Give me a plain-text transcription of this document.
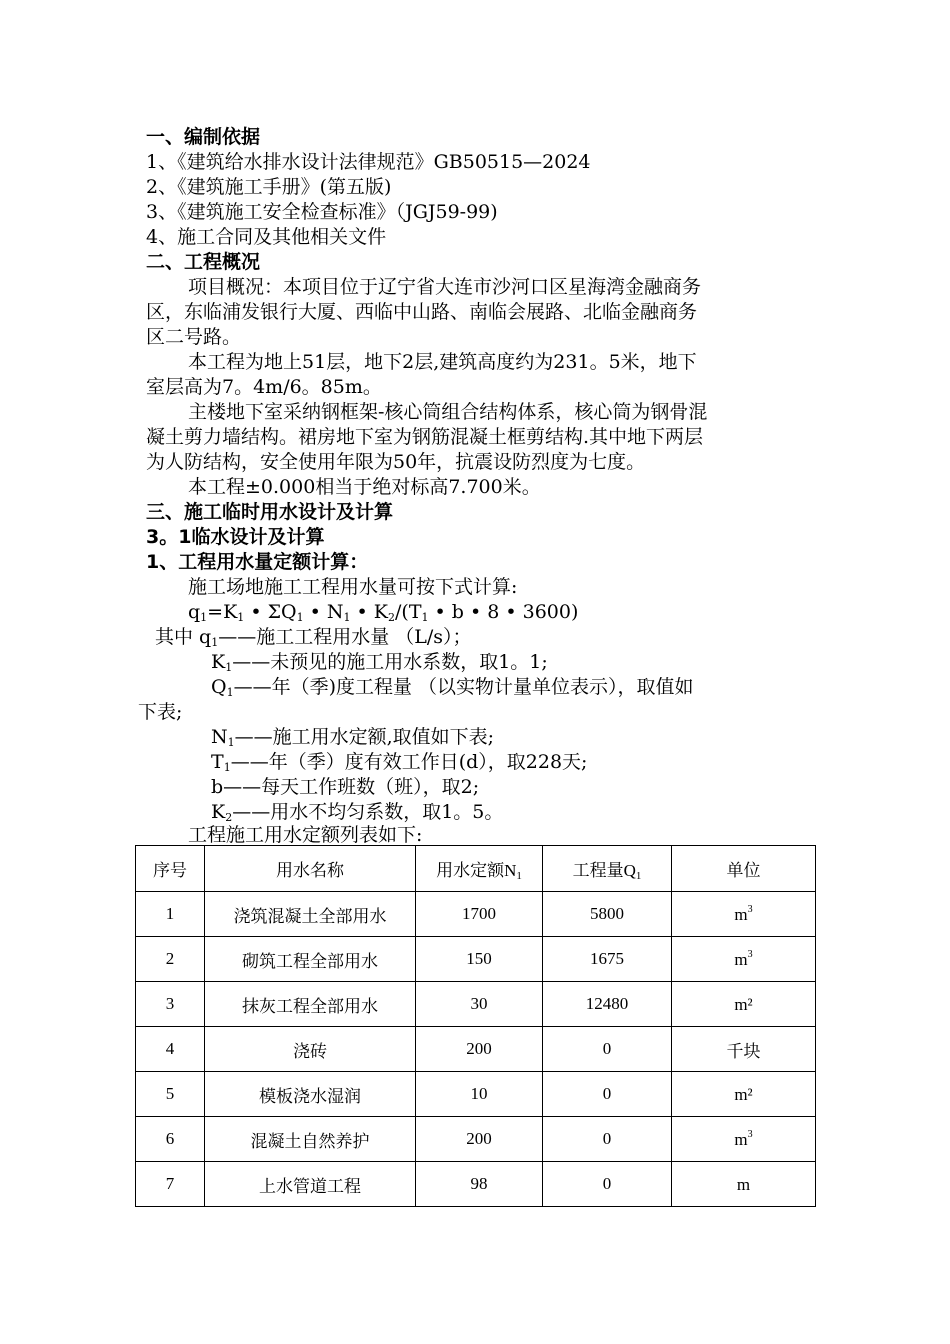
一、编制依据
1、《建筑给水排水设计法律规范》GB50515—2024
2、《建筑施工手册》(第五版)
3、《建筑施工安全检查标准》（JGJ59-99)
4、施工合同及其他相关文件
二、工程概况
项目概况：本项目位于辽宁省大连市沙河口区星海湾金融商务
区，东临浦发银行大厦、西临中山路、南临会展路、北临金融商务
区二号路。
本工程为地上51层，地下2层,建筑高度约为231。5米，地下
室层高为7。4m/6。85m。
主楼地下室采纳钢框架-核心筒组合结构体系，核心筒为钢骨混
凝土剪力墙结构。裙房地下室为钢筋混凝土框剪结构.其中地下两层
为人防结构，安全使用年限为50年，抗震设防烈度为七度。
本工程±0.000相当于绝对标高7.700米。
三、施工临时用水设计及计算
3。1临水设计及计算
1、工程用水量定额计算：
施工场地施工工程用水量可按下式计算:
$q_1=K_1$ • $\Sigma Q_1$ • $N_1$ • $K_2/(T_1$ • b • 8 • 3600)
其中 $q_1——$施工工程用水量 （L/s）；
$K_1——$未预见的施工用水系数，取1。1;
$Q_1——$年（季)度工程量 （以实物计量单位表示），取值如
下表;
$N_1——$施工用水定额,取值如下表;
$T_1——$年（季）度有效工作日(d），取228天;
b——每天工作班数（班），取2;
$K_2——$用水不均匀系数，取1。5。
工程施工用水定额列表如下:
序号	用水名称	用水定额$N_1$	工程量$Q_1$	单位
1	浇筑混凝土全部用水	1700	5800	$m^3$
2	砌筑工程全部用水	150	1675	$m^3$
3	抹灰工程全部用水	30	12480	m²
4	浇砖	200	0	千块
5	模板浇水湿润	10	0	m²
6	混凝土自然养护	200	0	$m^3$
7	上水管道工程	98	0	m
